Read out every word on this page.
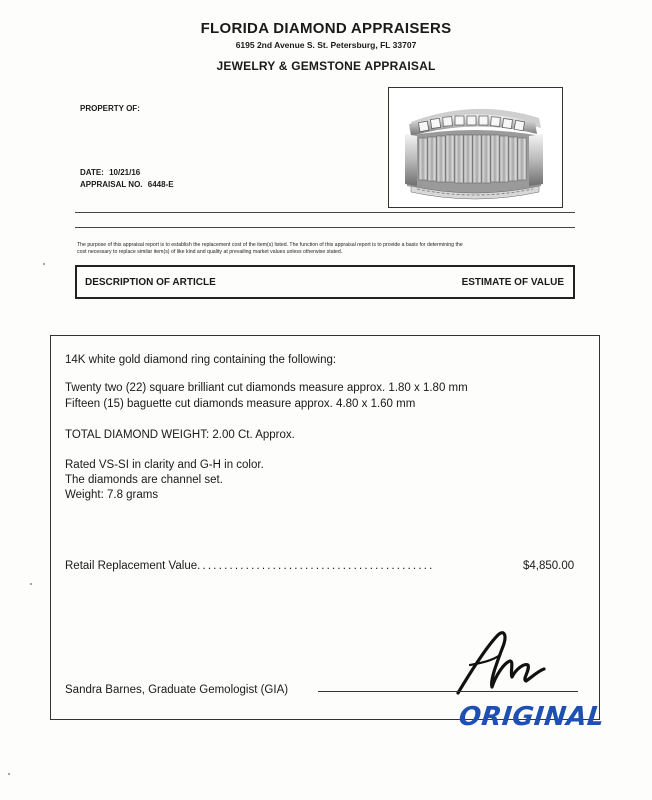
FLORIDA DIAMOND APPRAISERS
6195 2nd Avenue S. St. Petersburg, FL 33707
JEWELRY & GEMSTONE APPRAISAL
PROPERTY OF:
DATE: 10/21/16
APPRAISAL NO. 6448-E
The purpose of this appraisal report is to establish the replacement cost of the item(s) listed. The function of this appraisal report is to provide a basis for determining the
cost necessary to replace similar item(s) of like kind and quality at prevailing market values unless otherwise stated.
DESCRIPTION OF ARTICLE	ESTIMATE OF VALUE
14K white gold diamond ring containing the following:
Twenty two (22) square brilliant cut diamonds measure approx. 1.80 x 1.80 mm
Fifteen (15) baguette cut diamonds measure approx. 4.80 x 1.60 mm
TOTAL DIAMOND WEIGHT: 2.00 Ct. Approx.
Rated VS-SI in clarity and G-H in color.
The diamonds are channel set.
Weight: 7.8 grams
Retail Replacement Value............................................	$4,850.00
Sandra Barnes, Graduate Gemologist (GIA)
ORIGINAL
